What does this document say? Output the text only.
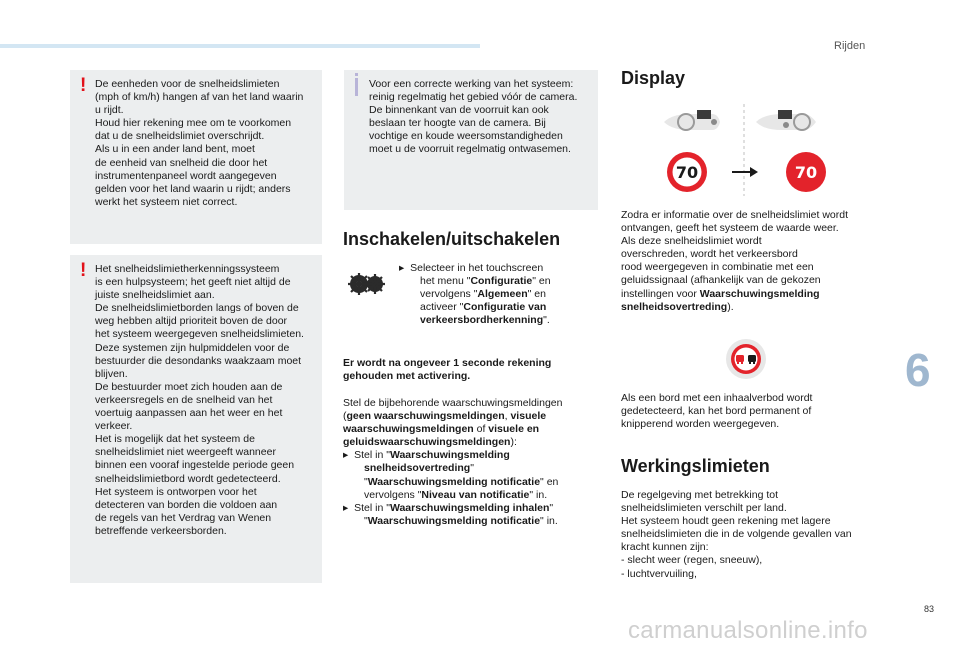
Rijden
! De eenheden voor de snelheidslimieten
(mph of km/h) hangen af van het land waarin
u rijdt.
Houd hier rekening mee om te voorkomen
dat u de snelheidslimiet overschrijdt.
Als u in een ander land bent, moet
de eenheid van snelheid die door het
instrumentenpaneel wordt aangegeven
gelden voor het land waarin u rijdt; anders
werkt het systeem niet correct.
! Het snelheidslimietherkenningssysteem
is een hulpsysteem; het geeft niet altijd de
juiste snelheidslimiet aan.
De snelheidslimietborden langs of boven de
weg hebben altijd prioriteit boven de door
het systeem weergegeven snelheidslimieten.
Deze systemen zijn hulpmiddelen voor de
bestuurder die desondanks waakzaam moet
blijven.
De bestuurder moet zich houden aan de
verkeersregels en de snelheid van het
voertuig aanpassen aan het weer en het
verkeer.
Het is mogelijk dat het systeem de
snelheidslimiet niet weergeeft wanneer
binnen een vooraf ingestelde periode geen
snelheidslimietbord wordt gedetecteerd.
Het systeem is ontworpen voor het
detecteren van borden die voldoen aan
de regels van het Verdrag van Wenen
betreffende verkeersborden.
Voor een correcte werking van het systeem:
reinig regelmatig het gebied vóór de camera.
De binnenkant van de voorruit kan ook
beslaan ter hoogte van de camera. Bij
vochtige en koude weersomstandigheden
moet u de voorruit regelmatig ontwasemen.
Inschakelen/uitschakelen
▸  Selecteer in het touchscreen
het menu "Configuratie" en
vervolgens "Algemeen" en
activeer "Configuratie van
verkeersbordherkenning".
Er wordt na ongeveer 1 seconde rekening
gehouden met activering.
Stel de bijbehorende waarschuwingsmeldingen
(geen waarschuwingsmeldingen, visuele
waarschuwingsmeldingen of visuele en
geluidswaarschuwingsmeldingen):
▸  Stel in "Waarschuwingsmelding
snelheidsovertreding"
"Waarschuwingsmelding notificatie" en
vervolgens "Niveau van notificatie" in.
▸  Stel in "Waarschuwingsmelding inhalen"
"Waarschuwingsmelding notificatie" in.
Display
70	70
Zodra er informatie over de snelheidslimiet wordt
ontvangen, geeft het systeem de waarde weer.
Als deze snelheidslimiet wordt
overschreden, wordt het verkeersbord
rood weergegeven in combinatie met een
geluidssignaal (afhankelijk van de gekozen
instellingen voor Waarschuwingsmelding
snelheidsovertreding).
Als een bord met een inhaalverbod wordt
gedetecteerd, kan het bord permanent of
knipperend worden weergegeven.
Werkingslimieten
De regelgeving met betrekking tot
snelheidslimieten verschilt per land.
Het systeem houdt geen rekening met lagere
snelheidslimieten die in de volgende gevallen van
kracht kunnen zijn:
- slecht weer (regen, sneeuw),
- luchtvervuiling,
6
83
carmanualsonline.info
